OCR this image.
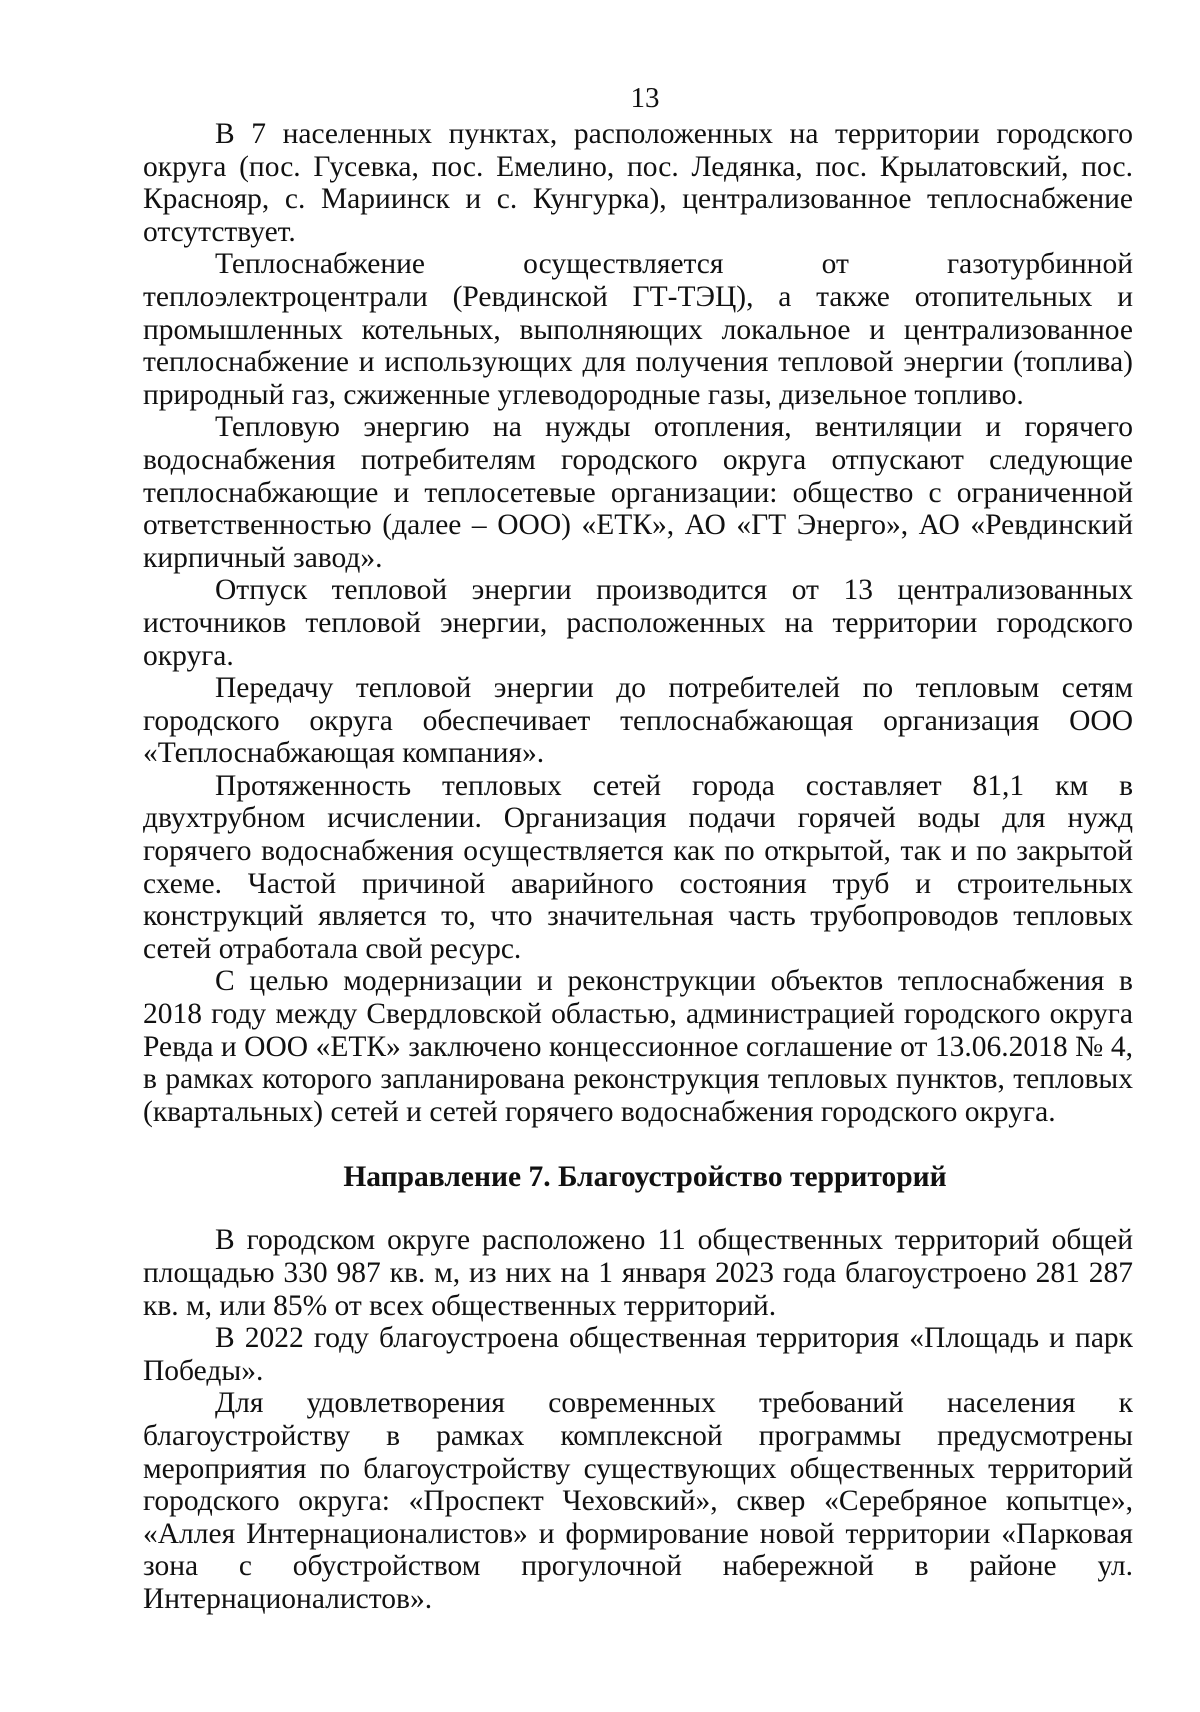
13

В 7 населенных пунктах, расположенных на территории городского округа (пос. Гусевка, пос. Емелино, пос. Ледянка, пос. Крылатовский, пос. Краснояр, с. Мариинск и с. Кунгурка), централизованное теплоснабжение отсутствует.

Теплоснабжение осуществляется от газотурбинной теплоэлектроцентрали (Ревдинской ГТ-ТЭЦ), а также отопительных и промышленных котельных, выполняющих локальное и централизованное теплоснабжение и использующих для получения тепловой энергии (топлива) природный газ, сжиженные углеводородные газы, дизельное топливо.

Тепловую энергию на нужды отопления, вентиляции и горячего водоснабжения потребителям городского округа отпускают следующие теплоснабжающие и теплосетевые организации: общество с ограниченной ответственностью (далее – ООО) «ЕТК», АО «ГТ Энерго», АО «Ревдинский кирпичный завод».

Отпуск тепловой энергии производится от 13 централизованных источников тепловой энергии, расположенных на территории городского округа.

Передачу тепловой энергии до потребителей по тепловым сетям городского округа обеспечивает теплоснабжающая организация ООО «Теплоснабжающая компания».

Протяженность тепловых сетей города составляет 81,1 км в двухтрубном исчислении. Организация подачи горячей воды для нужд горячего водоснабжения осуществляется как по открытой, так и по закрытой схеме. Частой причиной аварийного состояния труб и строительных конструкций является то, что значительная часть трубопроводов тепловых сетей отработала свой ресурс.

С целью модернизации и реконструкции объектов теплоснабжения в 2018 году между Свердловской областью, администрацией городского округа Ревда и ООО «ЕТК» заключено концессионное соглашение от 13.06.2018 № 4, в рамках которого запланирована реконструкция тепловых пунктов, тепловых (квартальных) сетей и сетей горячего водоснабжения городского округа.

Направление 7. Благоустройство территорий

В городском округе расположено 11 общественных территорий общей площадью 330 987 кв. м, из них на 1 января 2023 года благоустроено 281 287 кв. м, или 85% от всех общественных территорий.

В 2022 году благоустроена общественная территория «Площадь и парк Победы».

Для удовлетворения современных требований населения к благоустройству в рамках комплексной программы предусмотрены мероприятия по благоустройству существующих общественных территорий городского округа: «Проспект Чеховский», сквер «Серебряное копытце», «Аллея Интернационалистов» и формирование новой территории «Парковая зона с обустройством прогулочной набережной в районе ул. Интернационалистов».
